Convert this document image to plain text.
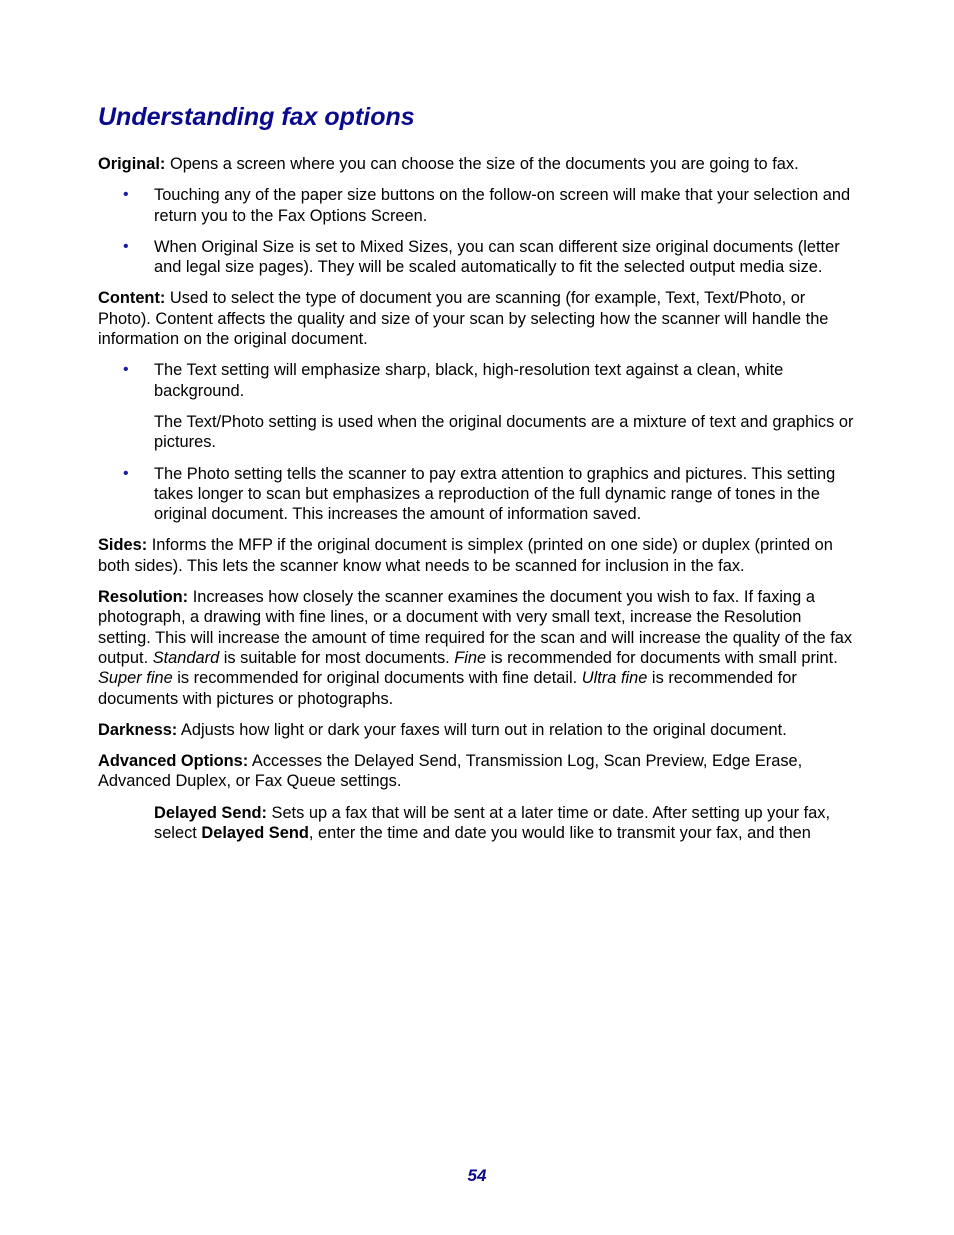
Understanding fax options

Original: Opens a screen where you can choose the size of the documents you are going to fax.

• Touching any of the paper size buttons on the follow-on screen will make that your selection and return you to the Fax Options Screen.

• When Original Size is set to Mixed Sizes, you can scan different size original documents (letter and legal size pages). They will be scaled automatically to fit the selected output media size.

Content: Used to select the type of document you are scanning (for example, Text, Text/Photo, or Photo). Content affects the quality and size of your scan by selecting how the scanner will handle the information on the original document.

• The Text setting will emphasize sharp, black, high-resolution text against a clean, white background.

The Text/Photo setting is used when the original documents are a mixture of text and graphics or pictures.

• The Photo setting tells the scanner to pay extra attention to graphics and pictures. This setting takes longer to scan but emphasizes a reproduction of the full dynamic range of tones in the original document. This increases the amount of information saved.

Sides: Informs the MFP if the original document is simplex (printed on one side) or duplex (printed on both sides). This lets the scanner know what needs to be scanned for inclusion in the fax.

Resolution: Increases how closely the scanner examines the document you wish to fax. If faxing a photograph, a drawing with fine lines, or a document with very small text, increase the Resolution setting. This will increase the amount of time required for the scan and will increase the quality of the fax output. Standard is suitable for most documents. Fine is recommended for documents with small print. Super fine is recommended for original documents with fine detail. Ultra fine is recommended for documents with pictures or photographs.

Darkness: Adjusts how light or dark your faxes will turn out in relation to the original document.

Advanced Options: Accesses the Delayed Send, Transmission Log, Scan Preview, Edge Erase, Advanced Duplex, or Fax Queue settings.

Delayed Send: Sets up a fax that will be sent at a later time or date. After setting up your fax, select Delayed Send, enter the time and date you would like to transmit your fax, and then

54
